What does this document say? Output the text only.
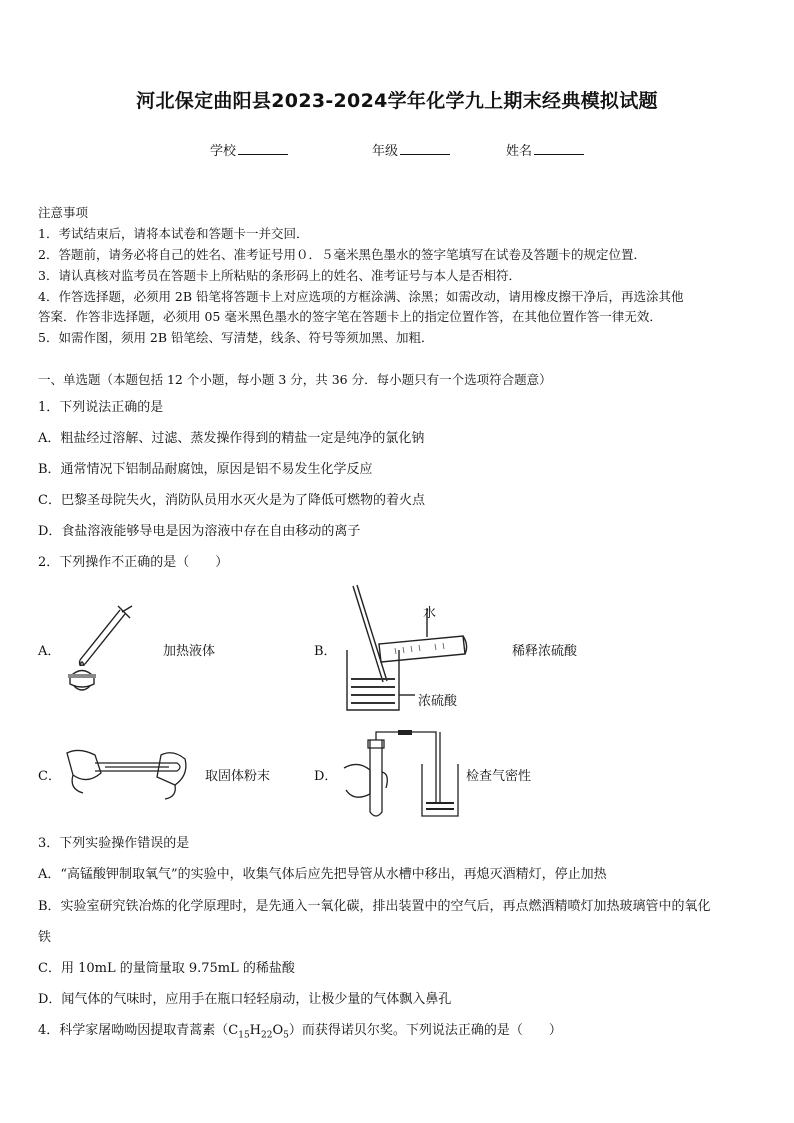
河北保定曲阳县2023-2024学年化学九上期末经典模拟试题
学校	年级	姓名
注意事项
1．考试结束后，请将本试卷和答题卡一并交回．
2．答题前，请务必将自己的姓名、准考证号用０．５毫米黑色墨水的签字笔填写在试卷及答题卡的规定位置．
3．请认真核对监考员在答题卡上所粘贴的条形码上的姓名、准考证号与本人是否相符．
4．作答选择题，必须用 2B 铅笔将答题卡上对应选项的方框涂满、涂黑；如需改动，请用橡皮擦干净后，再选涂其他
答案．作答非选择题，必须用 05 毫米黑色墨水的签字笔在答题卡上的指定位置作答，在其他位置作答一律无效．
5．如需作图，须用 2B 铅笔绘、写清楚，线条、符号等须加黑、加粗．
一、单选题（本题包括 12 个小题，每小题 3 分，共 36 分．每小题只有一个选项符合题意）
1．下列说法正确的是
A．粗盐经过溶解、过滤、蒸发操作得到的精盐一定是纯净的氯化钠
B．通常情况下铝制品耐腐蚀，原因是铝不易发生化学反应
C．巴黎圣母院失火，消防队员用水灭火是为了降低可燃物的着火点
D．食盐溶液能够导电是因为溶液中存在自由移动的离子
2．下列操作不正确的是（　　）
A．	加热液体	B．
水
稀释浓硫酸
浓硫酸
C．	取固体粉末	D．	检查气密性
3．下列实验操作错误的是
A．“高锰酸钾制取氧气”的实验中，收集气体后应先把导管从水槽中移出，再熄灭酒精灯，停止加热
B．实验室研究铁冶炼的化学原理时，是先通入一氧化碳，排出装置中的空气后，再点燃酒精喷灯加热玻璃管中的氧化
铁
C．用 10mL 的量筒量取 9.75mL 的稀盐酸
D．闻气体的气味时，应用手在瓶口轻轻扇动，让极少量的气体飘入鼻孔
4．科学家屠呦呦因提取青蒿素$(C_{15}H_{22}O_5)$而获得诺贝尔奖。下列说法正确的是（　　）
